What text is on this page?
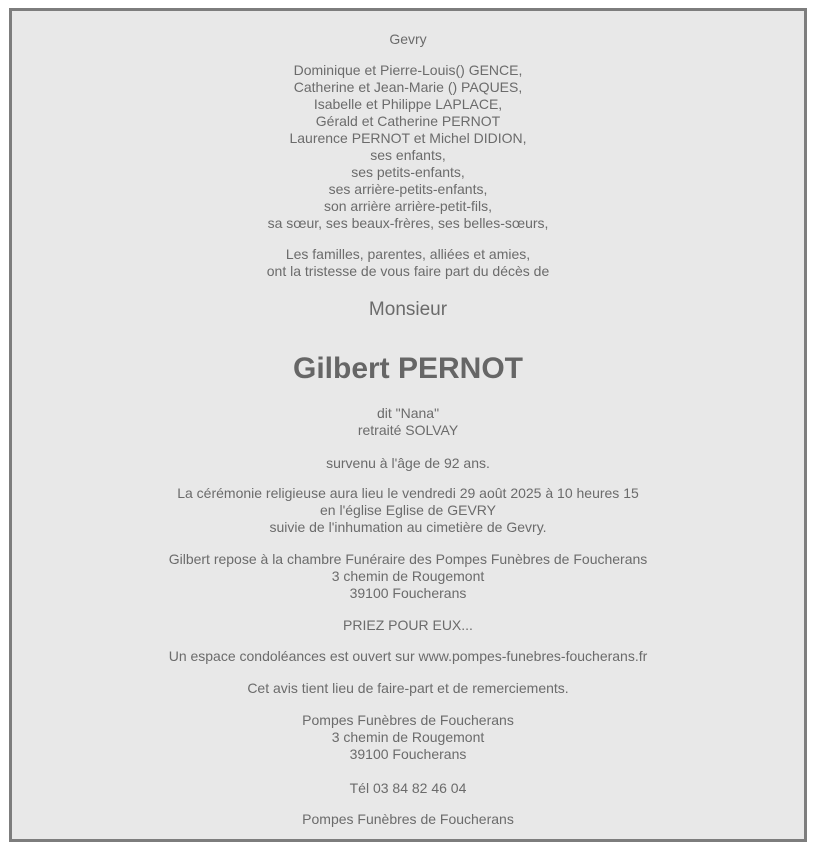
Gevry

Dominique et Pierre-Louis() GENCE,
Catherine et Jean-Marie () PAQUES,
Isabelle et Philippe LAPLACE,
Gérald et Catherine PERNOT
Laurence PERNOT et Michel DIDION,
ses enfants,
ses petits-enfants,
ses arrière-petits-enfants,
son arrière arrière-petit-fils,
sa sœur, ses beaux-frères, ses belles-sœurs,

Les familles, parentes, alliées et amies,
ont la tristesse de vous faire part du décès de

Monsieur

Gilbert PERNOT

dit "Nana"
retraité SOLVAY

survenu à l'âge de 92 ans.

La cérémonie religieuse aura lieu le vendredi 29 août 2025 à 10 heures 15
en l'église Eglise de GEVRY
suivie de l'inhumation au cimetière de Gevry.

Gilbert repose à la chambre Funéraire des Pompes Funèbres de Foucherans
3 chemin de Rougemont
39100 Foucherans

PRIEZ POUR EUX...

Un espace condoléances est ouvert sur www.pompes-funebres-foucherans.fr

Cet avis tient lieu de faire-part et de remerciements.

Pompes Funèbres de Foucherans
3 chemin de Rougemont
39100 Foucherans

Tél 03 84 82 46 04

Pompes Funèbres de Foucherans
